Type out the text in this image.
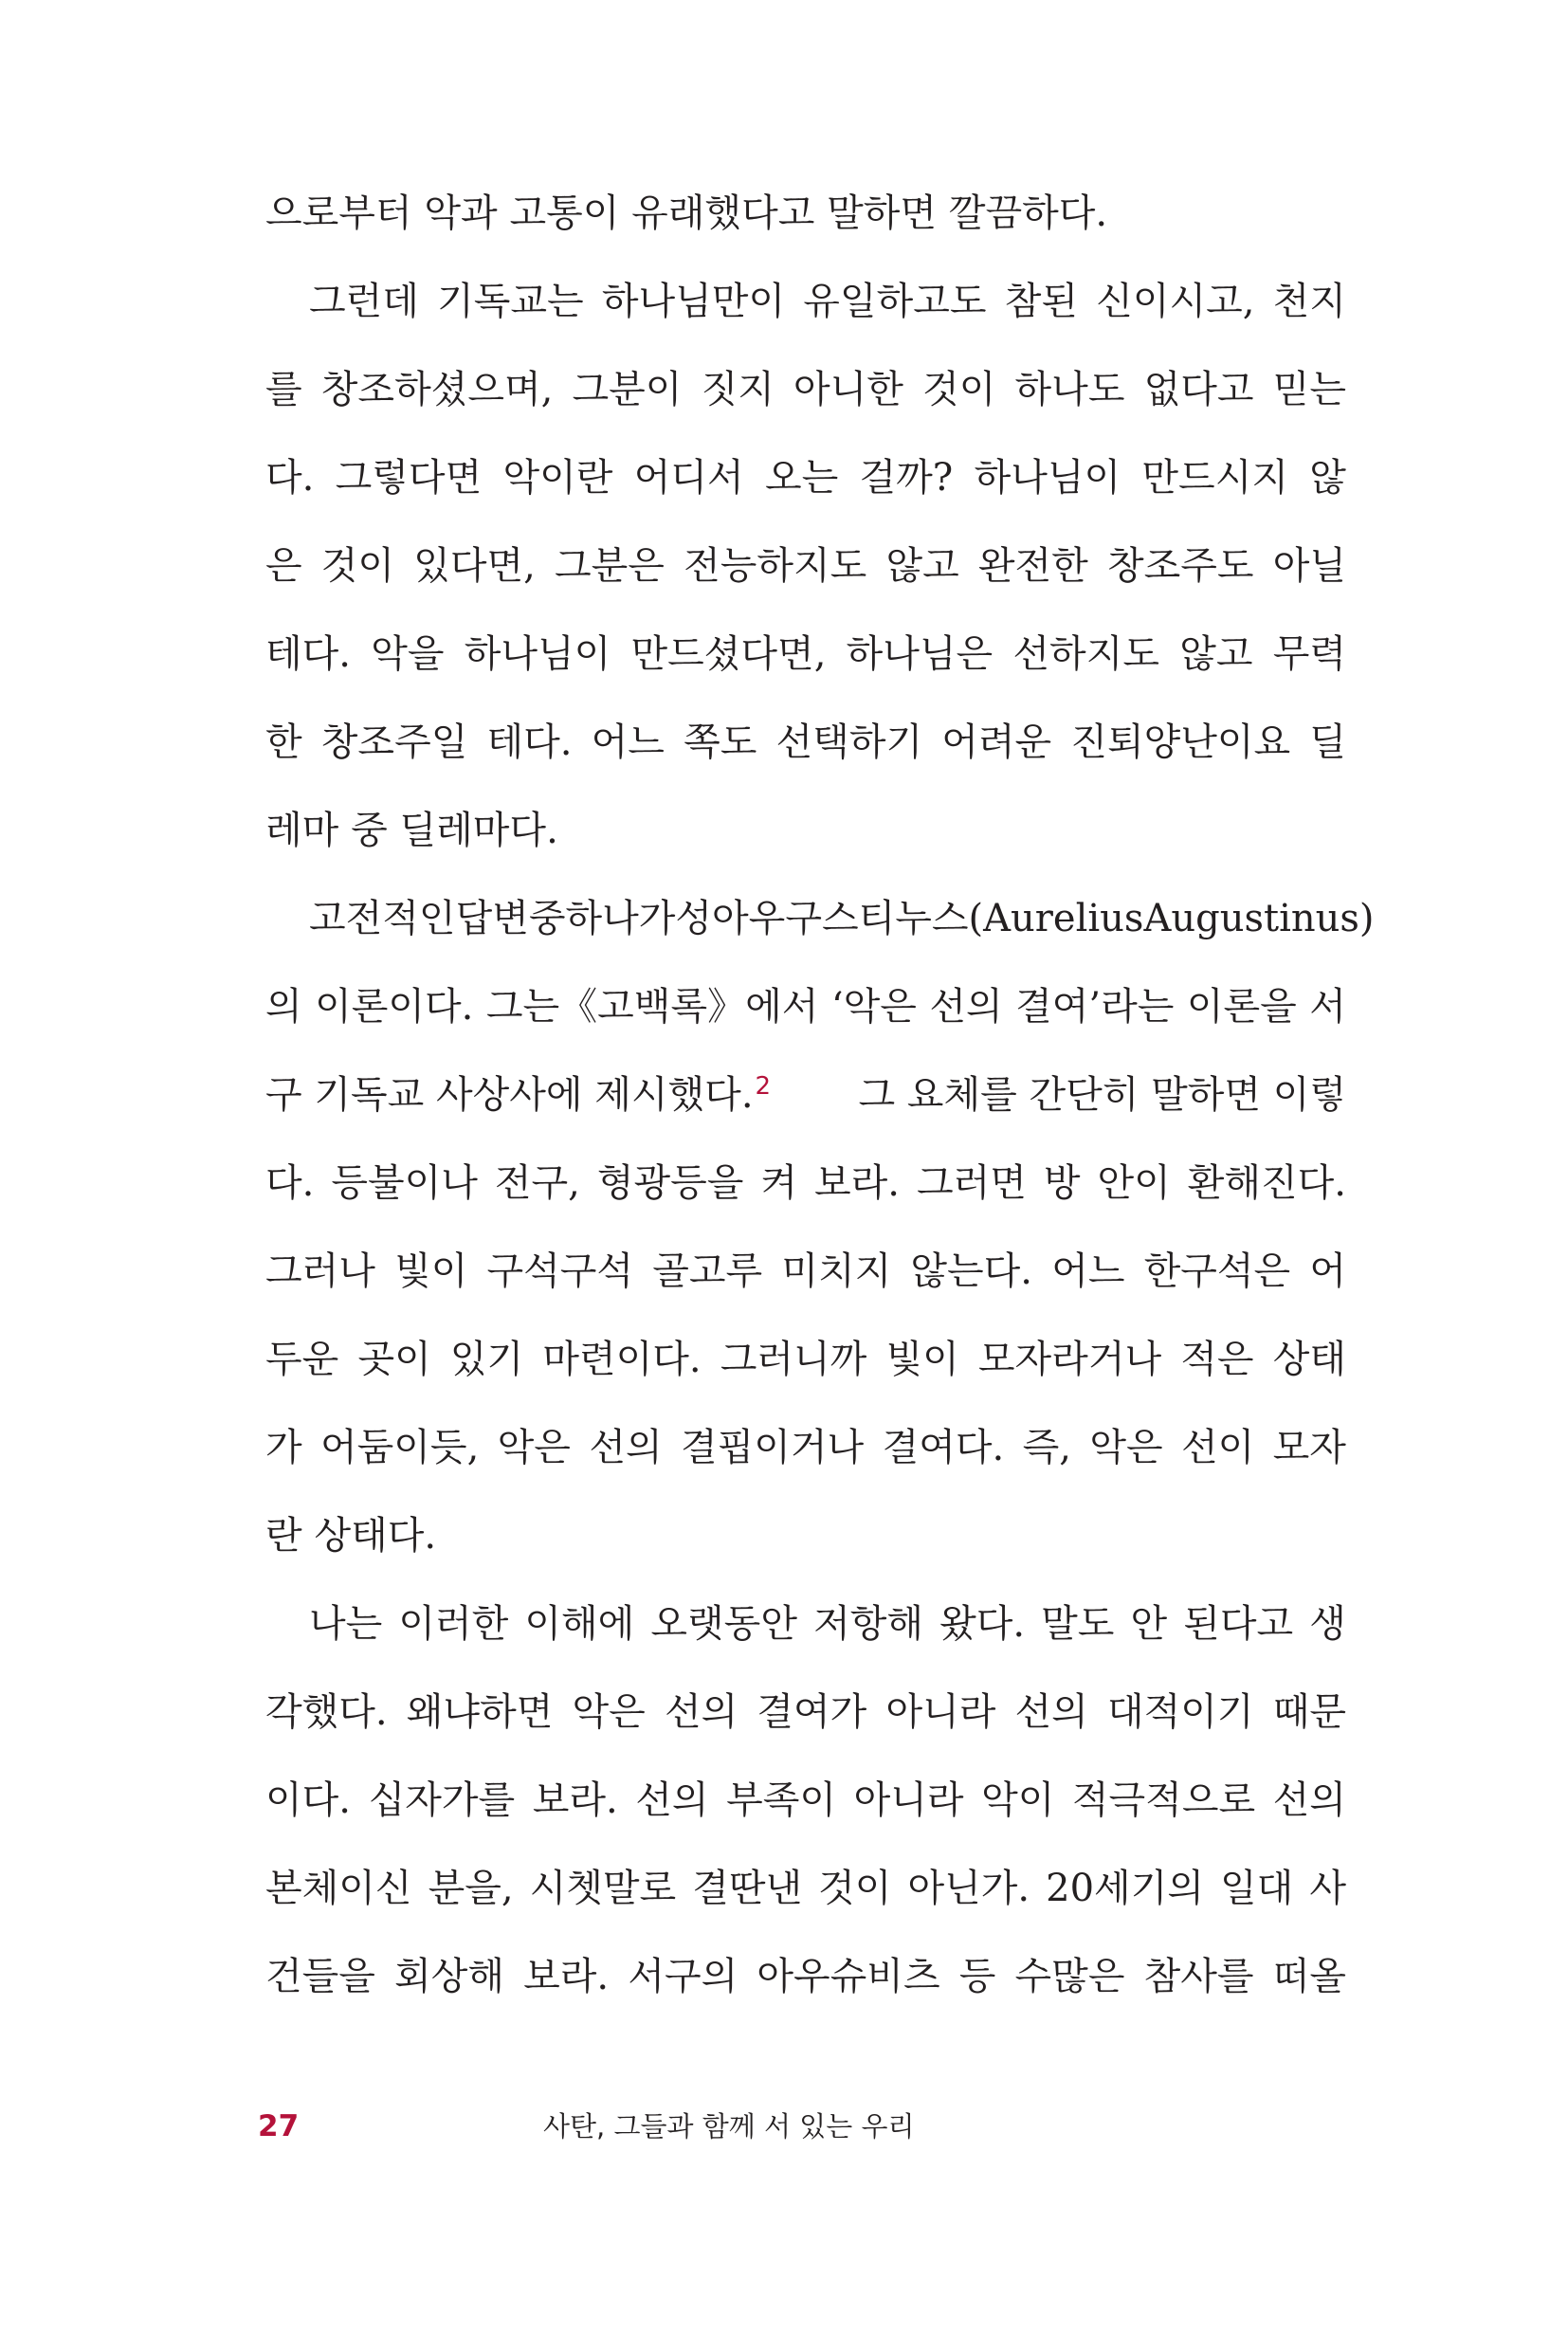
으로부터 악과 고통이 유래했다고 말하면 깔끔하다.
그런데 기독교는 하나님만이 유일하고도 참된 신이시고, 천지
를 창조하셨으며, 그분이 짓지 아니한 것이 하나도 없다고 믿는
다. 그렇다면 악이란 어디서 오는 걸까? 하나님이 만드시지 않
은 것이 있다면, 그분은 전능하지도 않고 완전한 창조주도 아닐
테다. 악을 하나님이 만드셨다면, 하나님은 선하지도 않고 무력
한 창조주일 테다. 어느 쪽도 선택하기 어려운 진퇴양난이요 딜
레마 중 딜레마다.
고전적인 답변 중 하나가 성 아우구스티누스(Aurelius Augustinus)
의 이론이다. 그는《고백록》에서 ‘악은 선의 결여’라는 이론을 서
구 기독교 사상사에 제시했다.$^2$ 그 요체를 간단히 말하면 이렇
다. 등불이나 전구, 형광등을 켜 보라. 그러면 방 안이 환해진다.
그러나 빛이 구석구석 골고루 미치지 않는다. 어느 한구석은 어
두운 곳이 있기 마련이다. 그러니까 빛이 모자라거나 적은 상태
가 어둠이듯, 악은 선의 결핍이거나 결여다. 즉, 악은 선이 모자
란 상태다.
나는 이러한 이해에 오랫동안 저항해 왔다. 말도 안 된다고 생
각했다. 왜냐하면 악은 선의 결여가 아니라 선의 대적이기 때문
이다. 십자가를 보라. 선의 부족이 아니라 악이 적극적으로 선의
본체이신 분을, 시쳇말로 결딴낸 것이 아닌가. 20세기의 일대 사
건들을 회상해 보라. 서구의 아우슈비츠 등 수많은 참사를 떠올
27	사탄, 그들과 함께 서 있는 우리
